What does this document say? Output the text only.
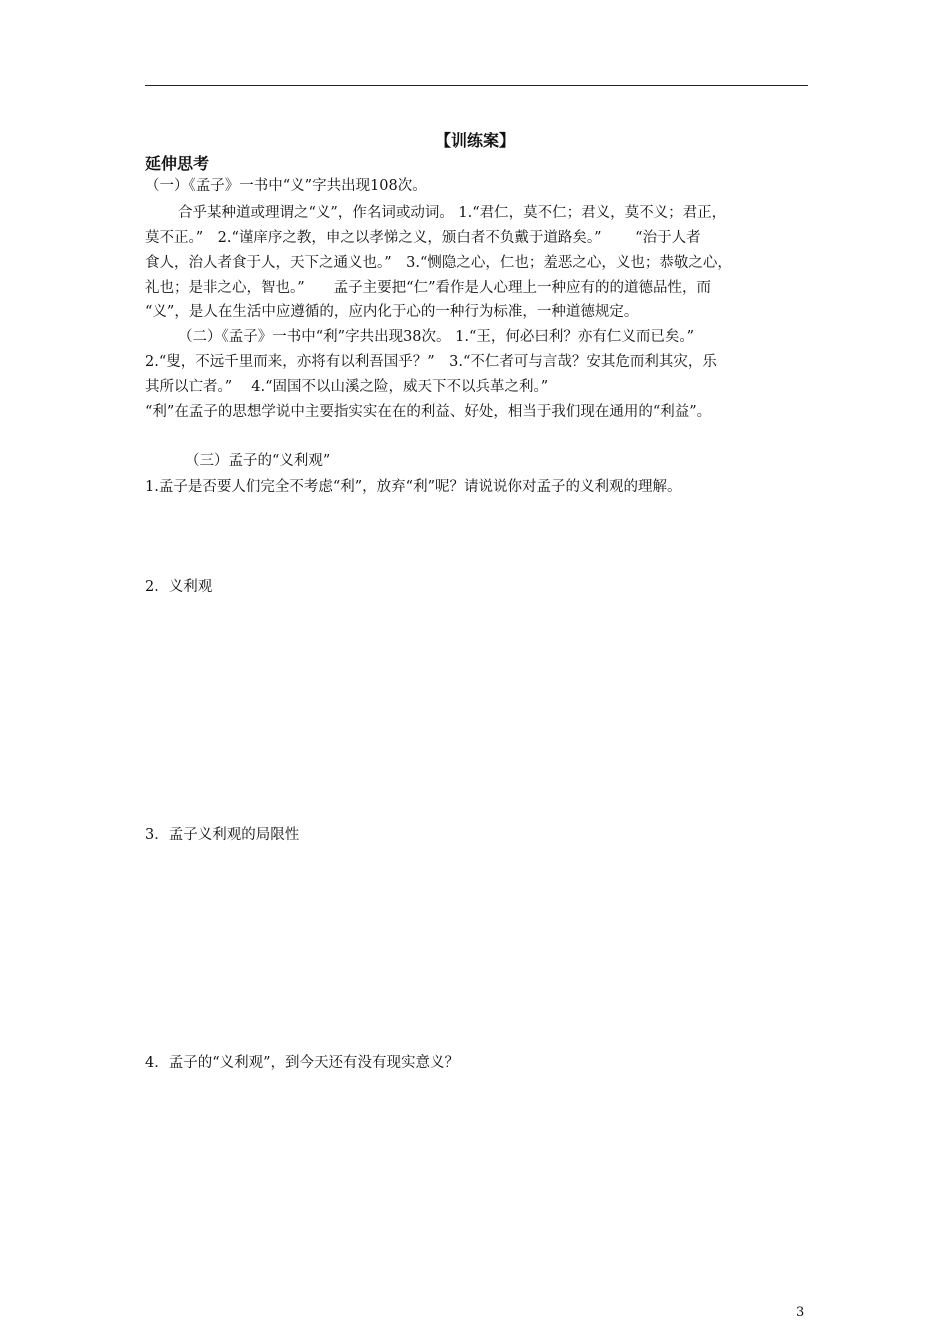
【训练案】
延伸思考
（一）《孟子》一书中“义”字共出现108次。
合乎某种道或理谓之“义”，作名词或动词。 1.“君仁，莫不仁；君义，莫不义；君正，
莫不正。”　2.“谨庠序之教，申之以孝悌之义，颁白者不负戴于道路矣。”　　 “治于人者
食人，治人者食于人，天下之通义也。”　3.“恻隐之心，仁也；羞恶之心，义也；恭敬之心，
礼也；是非之心，智也。”　　孟子主要把“仁”看作是人心理上一种应有的的道德品性，而
“义”，是人在生活中应遵循的，应内化于心的一种行为标准，一种道德规定。
（二）《孟子》一书中“利”字共出现38次。 1.“王，何必曰利？亦有仁义而已矣。”
2.“叟，不远千里而来，亦将有以利吾国乎？”　3.“不仁者可与言哉？安其危而利其灾，乐
其所以亡者。”　 4.“固国不以山溪之险，威天下不以兵革之利。”
“利”在孟子的思想学说中主要指实实在在的利益、好处，相当于我们现在通用的“利益”。
（三）孟子的“义利观”
1.孟子是否要人们完全不考虑“利”，放弃“利”呢？请说说你对孟子的义利观的理解。
2．义利观
3．孟子义利观的局限性
4．孟子的“义利观”，到今天还有没有现实意义？
3
